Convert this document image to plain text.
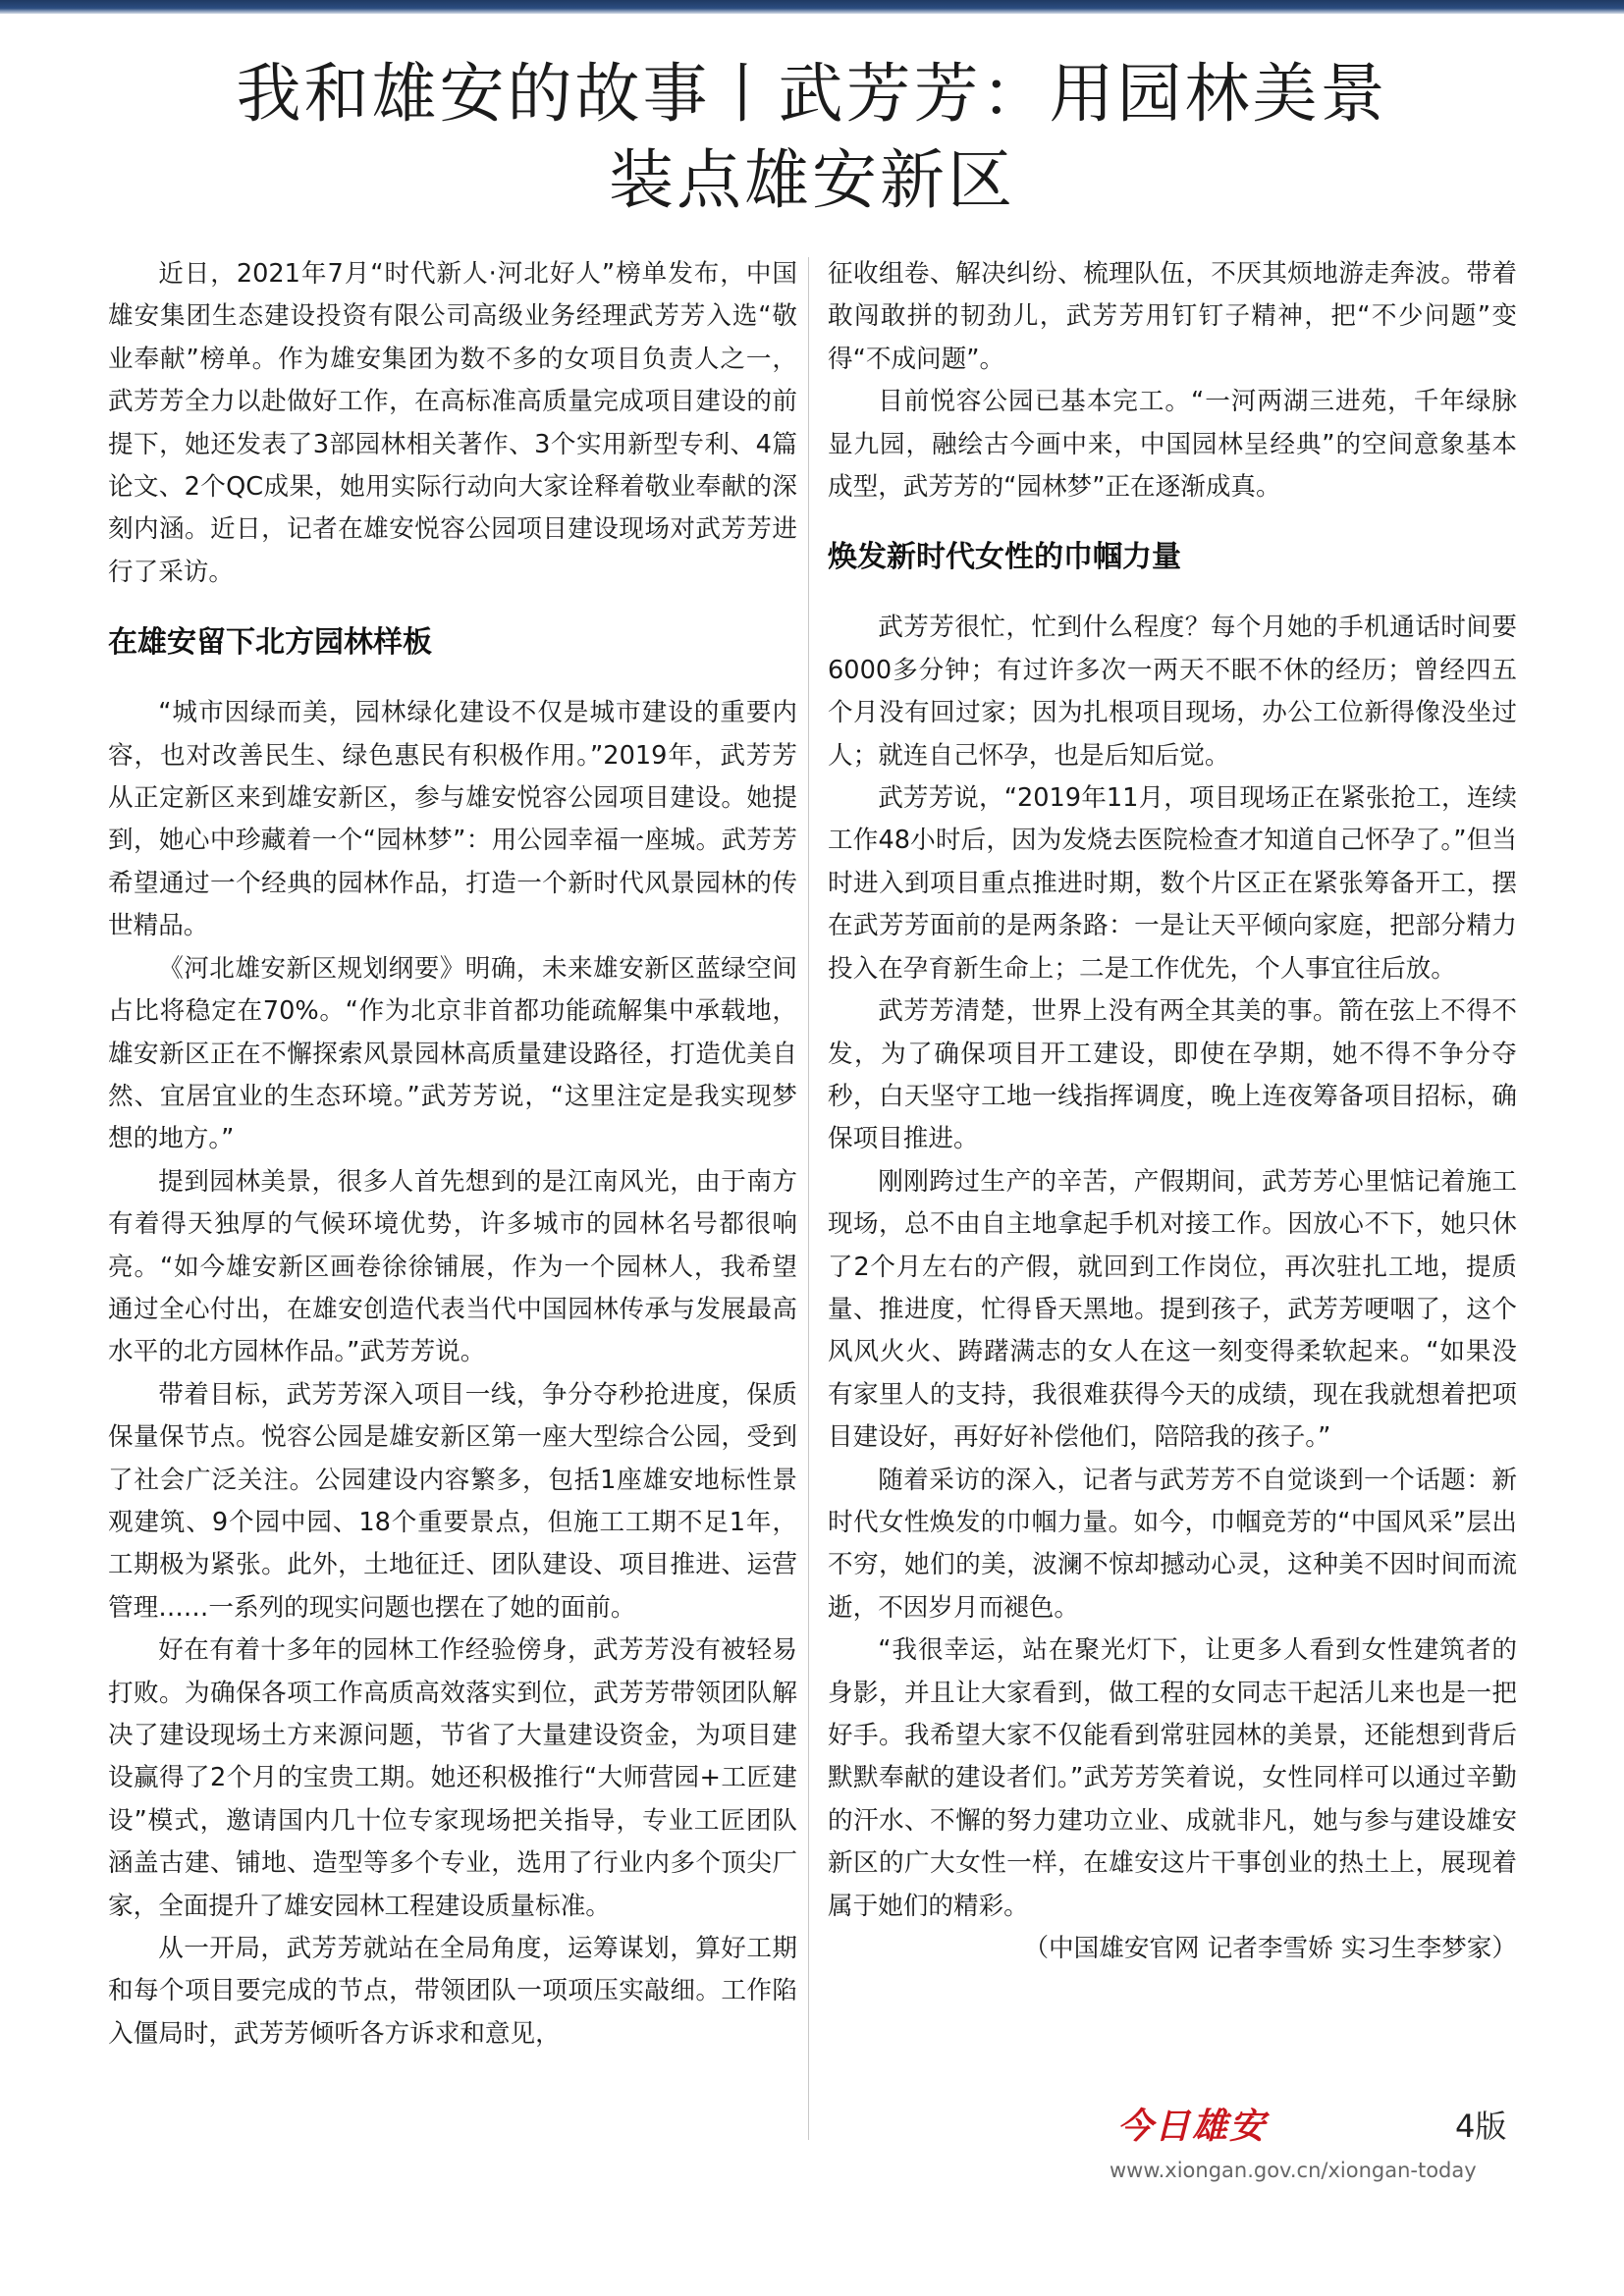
我和雄安的故事丨武芳芳：用园林美景
装点雄安新区

近日，2021年7月“时代新人·河北好人”榜单发布，中国雄安集团生态建设投资有限公司高级业务经理武芳芳入选“敬业奉献”榜单。作为雄安集团为数不多的女项目负责人之一，武芳芳全力以赴做好工作，在高标准高质量完成项目建设的前提下，她还发表了3部园林相关著作、3个实用新型专利、4篇论文、2个QC成果，她用实际行动向大家诠释着敬业奉献的深刻内涵。近日，记者在雄安悦容公园项目建设现场对武芳芳进行了采访。

在雄安留下北方园林样板

“城市因绿而美，园林绿化建设不仅是城市建设的重要内容，也对改善民生、绿色惠民有积极作用。”2019年，武芳芳从正定新区来到雄安新区，参与雄安悦容公园项目建设。她提到，她心中珍藏着一个“园林梦”：用公园幸福一座城。武芳芳希望通过一个经典的园林作品，打造一个新时代风景园林的传世精品。

《河北雄安新区规划纲要》明确，未来雄安新区蓝绿空间占比将稳定在70%。“作为北京非首都功能疏解集中承载地，雄安新区正在不懈探索风景园林高质量建设路径，打造优美自然、宜居宜业的生态环境。”武芳芳说，“这里注定是我实现梦想的地方。”

提到园林美景，很多人首先想到的是江南风光，由于南方有着得天独厚的气候环境优势，许多城市的园林名号都很响亮。“如今雄安新区画卷徐徐铺展，作为一个园林人，我希望通过全心付出，在雄安创造代表当代中国园林传承与发展最高水平的北方园林作品。”武芳芳说。

带着目标，武芳芳深入项目一线，争分夺秒抢进度，保质保量保节点。悦容公园是雄安新区第一座大型综合公园，受到了社会广泛关注。公园建设内容繁多，包括1座雄安地标性景观建筑、9个园中园、18个重要景点，但施工工期不足1年，工期极为紧张。此外，土地征迁、团队建设、项目推进、运营管理……一系列的现实问题也摆在了她的面前。

好在有着十多年的园林工作经验傍身，武芳芳没有被轻易打败。为确保各项工作高质高效落实到位，武芳芳带领团队解决了建设现场土方来源问题，节省了大量建设资金，为项目建设赢得了2个月的宝贵工期。她还积极推行“大师营园+工匠建设”模式，邀请国内几十位专家现场把关指导，专业工匠团队涵盖古建、铺地、造型等多个专业，选用了行业内多个顶尖厂家，全面提升了雄安园林工程建设质量标准。

从一开局，武芳芳就站在全局角度，运筹谋划，算好工期和每个项目要完成的节点，带领团队一项项压实敲细。工作陷入僵局时，武芳芳倾听各方诉求和意见，

征收组卷、解决纠纷、梳理队伍，不厌其烦地游走奔波。带着敢闯敢拼的韧劲儿，武芳芳用钉钉子精神，把“不少问题”变得“不成问题”。

目前悦容公园已基本完工。“一河两湖三进苑，千年绿脉显九园，融绘古今画中来，中国园林呈经典”的空间意象基本成型，武芳芳的“园林梦”正在逐渐成真。

焕发新时代女性的巾帼力量

武芳芳很忙，忙到什么程度？每个月她的手机通话时间要6000多分钟；有过许多次一两天不眠不休的经历；曾经四五个月没有回过家；因为扎根项目现场，办公工位新得像没坐过人；就连自己怀孕，也是后知后觉。

武芳芳说，“2019年11月，项目现场正在紧张抢工，连续工作48小时后，因为发烧去医院检查才知道自己怀孕了。”但当时进入到项目重点推进时期，数个片区正在紧张筹备开工，摆在武芳芳面前的是两条路：一是让天平倾向家庭，把部分精力投入在孕育新生命上；二是工作优先，个人事宜往后放。

武芳芳清楚，世界上没有两全其美的事。箭在弦上不得不发，为了确保项目开工建设，即使在孕期，她不得不争分夺秒，白天坚守工地一线指挥调度，晚上连夜筹备项目招标，确保项目推进。

刚刚跨过生产的辛苦，产假期间，武芳芳心里惦记着施工现场，总不由自主地拿起手机对接工作。因放心不下，她只休了2个月左右的产假，就回到工作岗位，再次驻扎工地，提质量、推进度，忙得昏天黑地。提到孩子，武芳芳哽咽了，这个风风火火、踌躇满志的女人在这一刻变得柔软起来。“如果没有家里人的支持，我很难获得今天的成绩，现在我就想着把项目建设好，再好好补偿他们，陪陪我的孩子。”

随着采访的深入，记者与武芳芳不自觉谈到一个话题：新时代女性焕发的巾帼力量。如今，巾帼竞芳的“中国风采”层出不穷，她们的美，波澜不惊却撼动心灵，这种美不因时间而流逝，不因岁月而褪色。

“我很幸运，站在聚光灯下，让更多人看到女性建筑者的身影，并且让大家看到，做工程的女同志干起活儿来也是一把好手。我希望大家不仅能看到常驻园林的美景，还能想到背后默默奉献的建设者们。”武芳芳笑着说，女性同样可以通过辛勤的汗水、不懈的努力建功立业、成就非凡，她与参与建设雄安新区的广大女性一样，在雄安这片干事创业的热土上，展现着属于她们的精彩。

（中国雄安官网 记者李雪娇 实习生李梦家）

今日雄安	4版
www.xiongan.gov.cn/xiongan-today
